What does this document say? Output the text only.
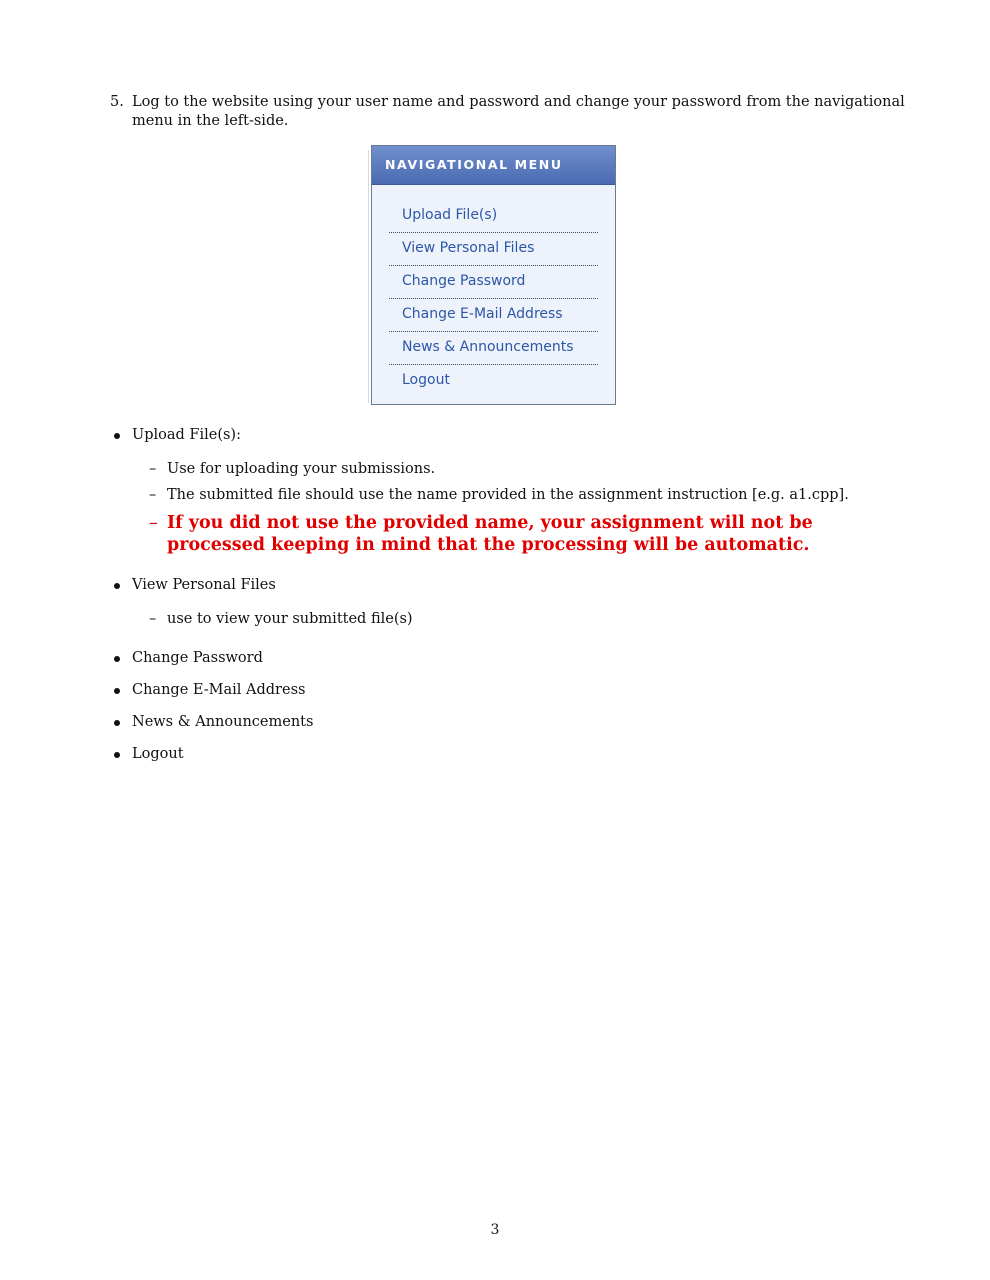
5. Log to the website using your user name and password and change your password from the navigational menu in the left-side.
NAVIGATIONAL MENU
Upload File(s)
View Personal Files
Change Password
Change E-Mail Address
News & Announcements
Logout
Upload File(s):
– Use for uploading your submissions.
– The submitted file should use the name provided in the assignment instruction [e.g. a1.cpp].
– If you did not use the provided name, your assignment will not be processed keeping in mind that the processing will be automatic.
View Personal Files
– use to view your submitted file(s)
Change Password
Change E-Mail Address
News & Announcements
Logout
3
